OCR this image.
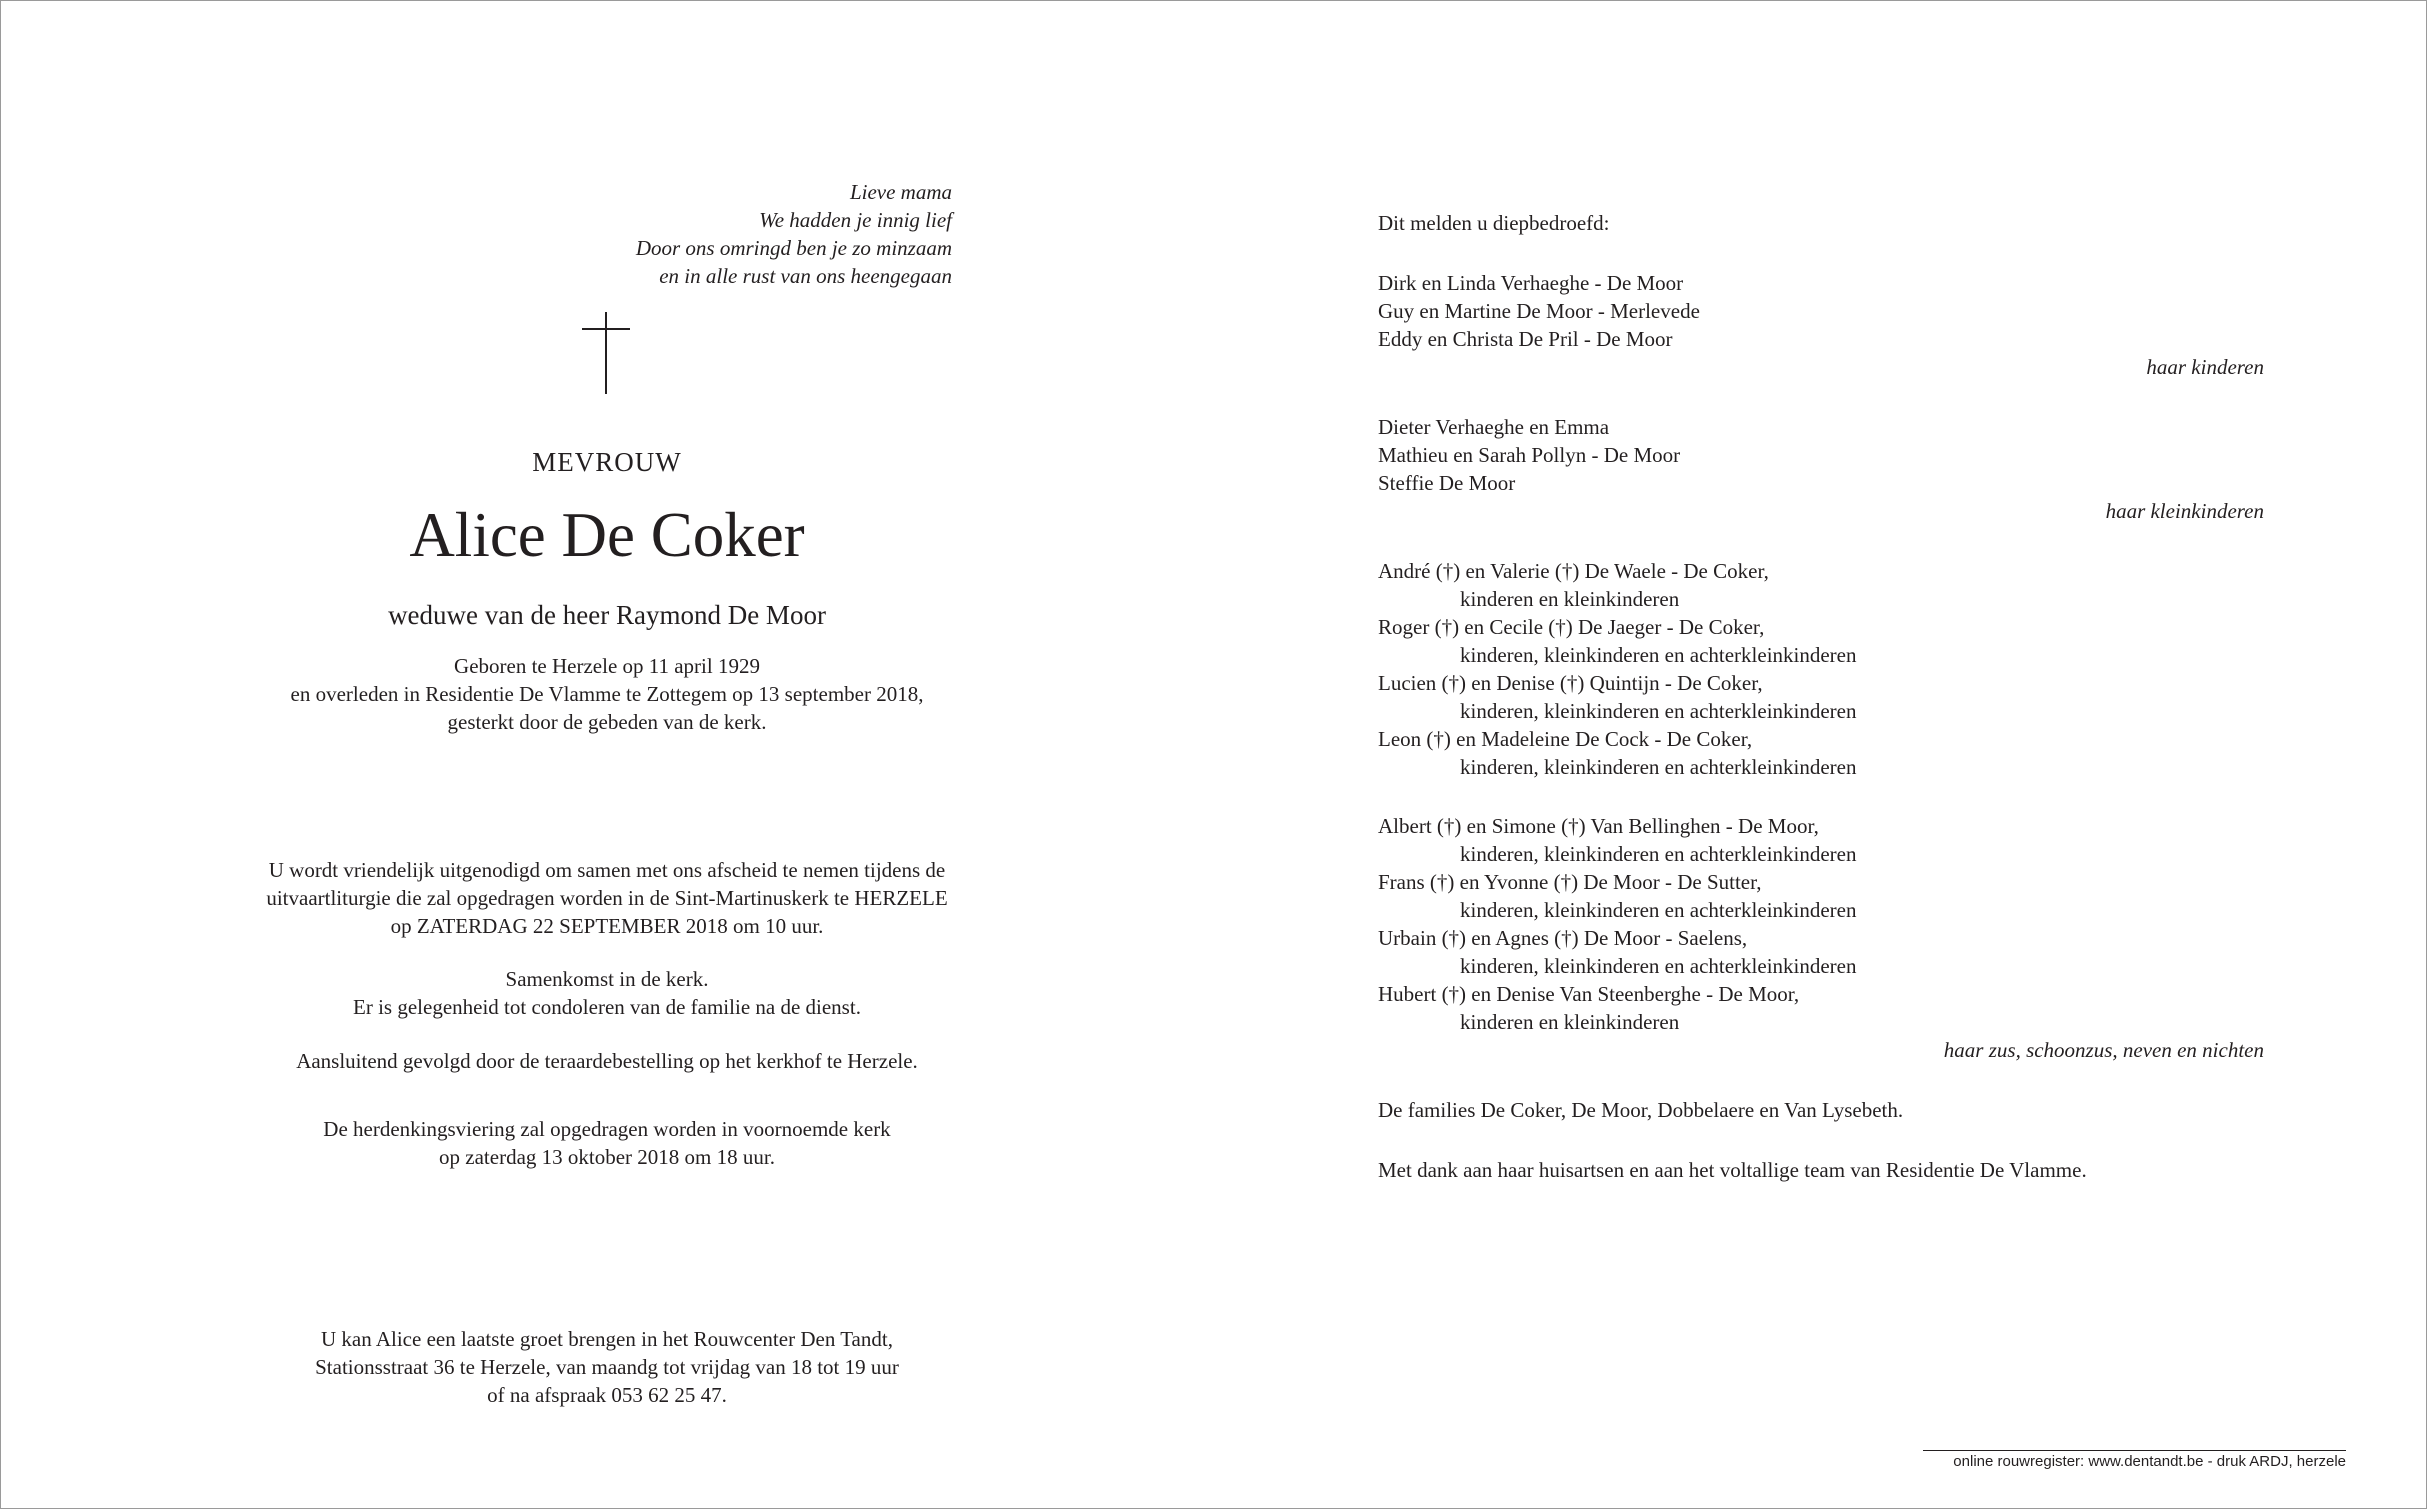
Lieve mama
We hadden je innig lief
Door ons omringd ben je zo minzaam
en in alle rust van ons heengegaan
MEVROUW
Alice De Coker
weduwe van de heer Raymond De Moor
Geboren te Herzele op 11 april 1929
en overleden in Residentie De Vlamme te Zottegem op 13 september 2018,
gesterkt door de gebeden van de kerk.
U wordt vriendelijk uitgenodigd om samen met ons afscheid te nemen tijdens de
uitvaartliturgie die zal opgedragen worden in de Sint-Martinuskerk te HERZELE
op ZATERDAG 22 SEPTEMBER 2018 om 10 uur.
Samenkomst in de kerk.
Er is gelegenheid tot condoleren van de familie na de dienst.
Aansluitend gevolgd door de teraardebestelling op het kerkhof te Herzele.
De herdenkingsviering zal opgedragen worden in voornoemde kerk
op zaterdag 13 oktober 2018 om 18 uur.
U kan Alice een laatste groet brengen in het Rouwcenter Den Tandt,
Stationsstraat 36 te Herzele, van maandg tot vrijdag van 18 tot 19 uur
of na afspraak 053 62 25 47.
Dit melden u diepbedroefd:
Dirk en Linda Verhaeghe - De Moor
Guy en Martine De Moor - Merlevede
Eddy en Christa De Pril - De Moor
haar kinderen
Dieter Verhaeghe en Emma
Mathieu en Sarah Pollyn - De Moor
Steffie De Moor
haar kleinkinderen
André (†) en Valerie (†) De Waele - De Coker,
kinderen en kleinkinderen
Roger (†) en Cecile (†) De Jaeger - De Coker,
kinderen, kleinkinderen en achterkleinkinderen
Lucien (†) en Denise (†) Quintijn - De Coker,
kinderen, kleinkinderen en achterkleinkinderen
Leon (†) en Madeleine De Cock - De Coker,
kinderen, kleinkinderen en achterkleinkinderen
Albert (†) en Simone (†) Van Bellinghen - De Moor,
kinderen, kleinkinderen en achterkleinkinderen
Frans (†) en Yvonne (†) De Moor - De Sutter,
kinderen, kleinkinderen en achterkleinkinderen
Urbain (†) en Agnes (†) De Moor - Saelens,
kinderen, kleinkinderen en achterkleinkinderen
Hubert (†) en Denise Van Steenberghe - De Moor,
kinderen en kleinkinderen
haar zus, schoonzus, neven en nichten
De families De Coker, De Moor, Dobbelaere en Van Lysebeth.
Met dank aan haar huisartsen en aan het voltallige team van Residentie De Vlamme.
online rouwregister: www.dentandt.be - druk ARDJ, herzele
